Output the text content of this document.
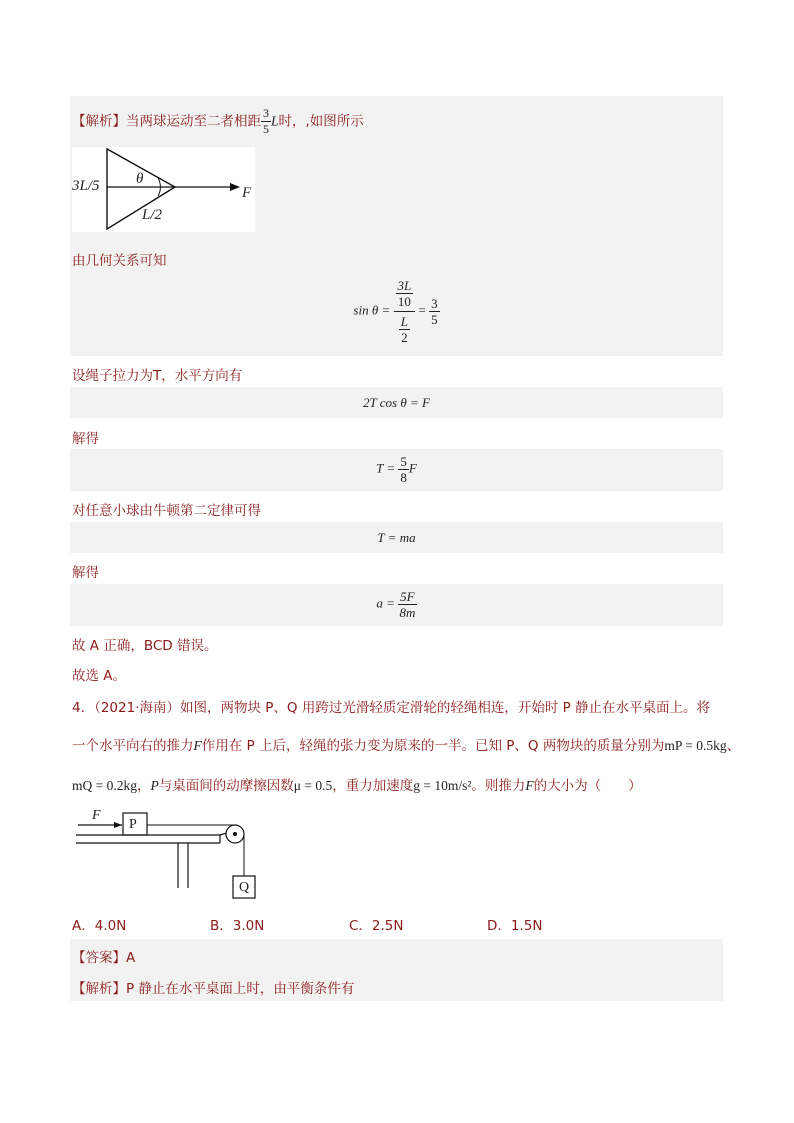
【解析】当两球运动至二者相距 $\frac{3}{5}$ L时，,如图所示
3L/5 θ
L/2
F
由几何关系可知
$\sin \theta = \frac{\frac{3L}{10}}{\frac{L}{2}} = \frac{3}{5}$
设绳子拉力为T，水平方向有
2T cos θ = F
解得
$T = \frac{5}{8}$ F
对任意小球由牛顿第二定律可得
T = ma
解得
$a = \frac{5F}{8m}$
故 A 正确，BCD 错误。
故选 A。
4．（2021·海南）如图，两物块 P、Q 用跨过光滑轻质定滑轮的轻绳相连，开始时 P 静止在水平桌面上。将
一个水平向右的推力F作用在 P 上后，轻绳的张力变为原来的一半。已知 P、Q 两物块的质量分别为mP = 0.5kg、
mQ = 0.2kg，P与桌面间的动摩擦因数μ = 0.5，重力加速度g = 10m/s²。则推力F的大小为（　　）
F
P
Q
A．4.0N	B．3.0N	C．2.5N	D．1.5N
【答案】A
【解析】P 静止在水平桌面上时，由平衡条件有
